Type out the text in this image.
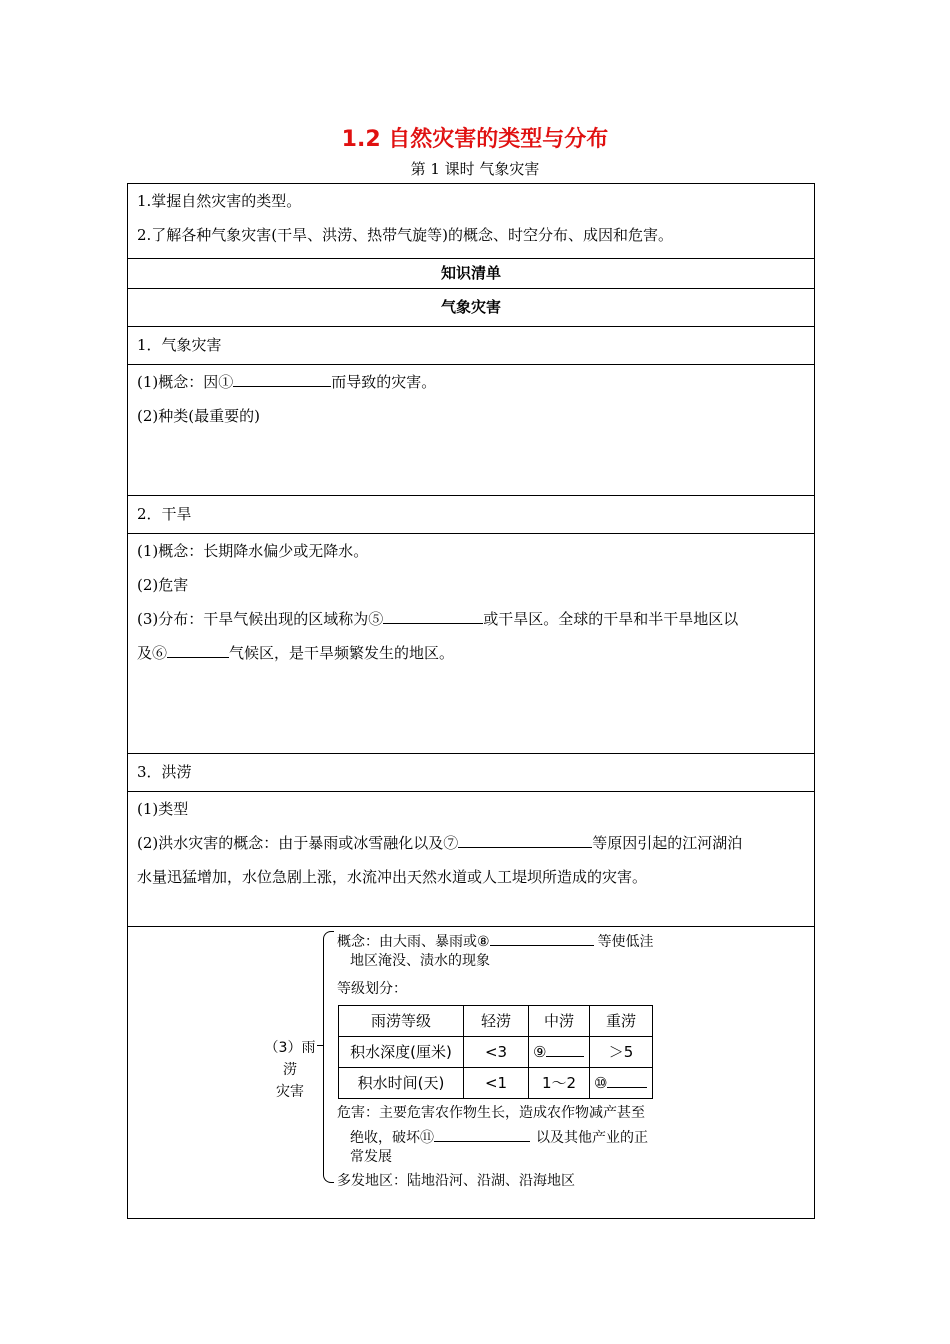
1.2 自然灾害的类型与分布
第 1 课时 气象灾害
1.掌握自然灾害的类型。
2.了解各种气象灾害(干旱、洪涝、热带气旋等)的概念、时空分布、成因和危害。

知识清单
气象灾害
1．气象灾害

(1)概念：因①	而导致的灾害。
(2)种类(最重要的)

2．干旱

(1)概念：长期降水偏少或无降水。
(2)危害
(3)分布：干旱气候出现的区域称为⑤	或干旱区。全球的干旱和半干旱地区以
及⑥	气候区，是干旱频繁发生的地区。

3．洪涝

(1)类型
(2)洪水灾害的概念：由于暴雨或冰雪融化以及⑦	等原因引起的江河湖泊
水量迅猛增加，水位急剧上涨，水流冲出天然水道或人工堤坝所造成的灾害。

（3）雨涝
灾害
概念：由大雨、暴雨或⑧	等使低洼
地区淹没、渍水的现象
等级划分：
雨涝等级	轻涝	中涝	重涝
积水深度(厘米)	<3	⑨	＞5
积水时间(天)	<1	1～2	⑩
危害：主要危害农作物生长，造成农作物减产甚至
绝收，破坏⑪	以及其他产业的正
常发展
多发地区：陆地沿河、沿湖、沿海地区
